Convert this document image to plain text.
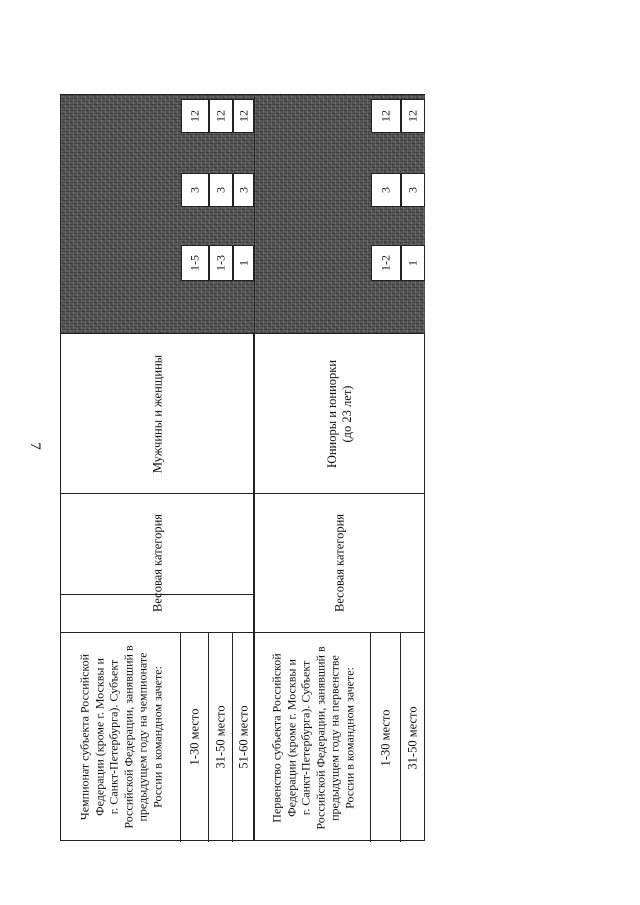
7
Чемпионат субъекта Российской Федерации (кроме г. Москвы и г. Санкт-Петербурга). Субъект Российской Федерации, занявший в предыдущем году на чемпионате России в командном зачете: 1-30 место 31-50 место 51-60 место
Весовая категория
Мужчины и женщины
1-5 1-3 1
3 3 3
12 12 12
Первенство субъекта Российской Федерации (кроме г. Москвы и г. Санкт-Петербурга). Субъект Российской Федерации, занявший в предыдущем году на первенстве России в командном зачете: 1-30 место 31-50 место
Весовая категория
Юниоры и юниорки (до 23 лет)
1-2 1
3 3
12 12
